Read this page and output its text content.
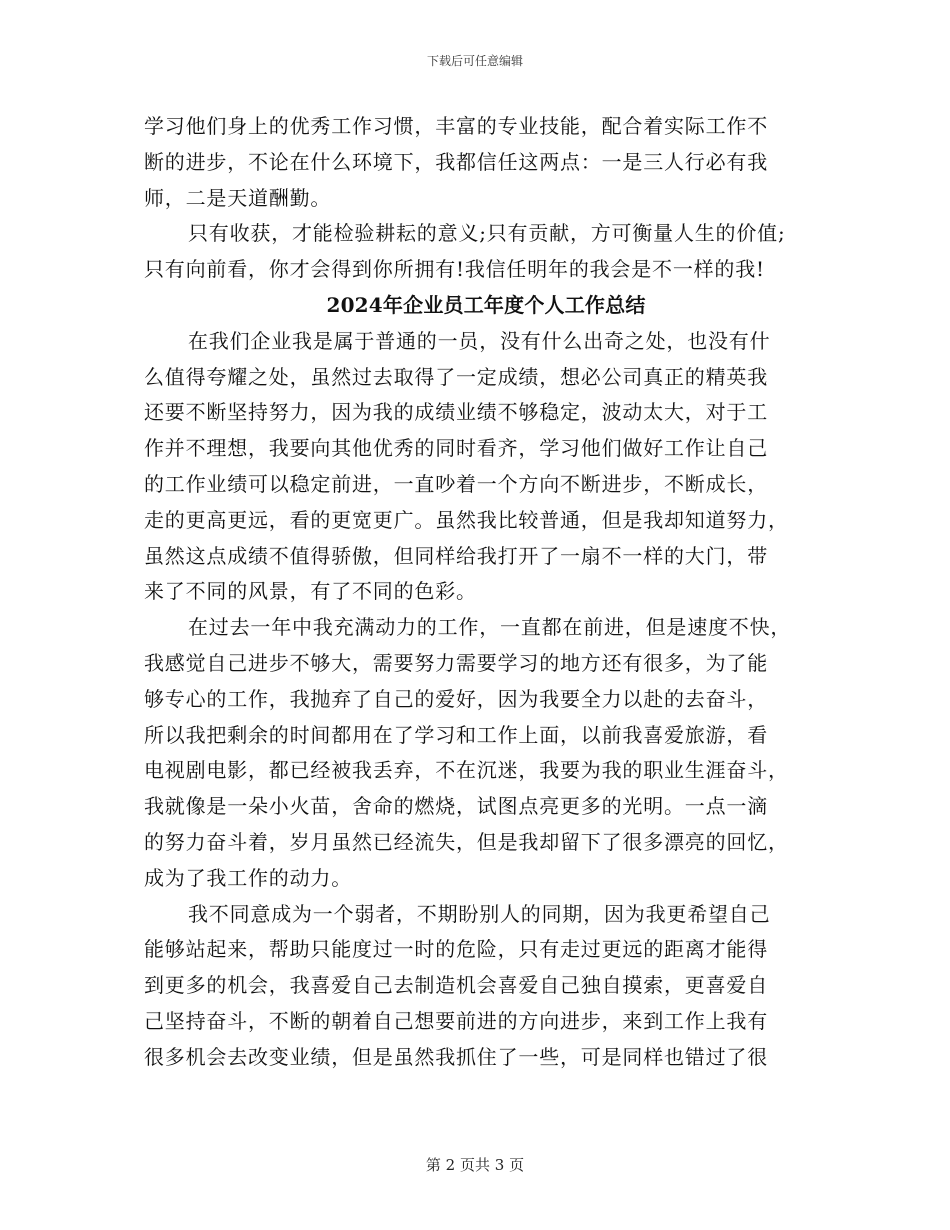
下载后可任意编辑
学习他们身上的优秀工作习惯，丰富的专业技能，配合着实际工作不
断的进步，不论在什么环境下，我都信任这两点：一是三人行必有我
师，二是天道酬勤。
只有收获，才能检验耕耘的意义;只有贡献，方可衡量人生的价值;
只有向前看，你才会得到你所拥有!我信任明年的我会是不一样的我!
2024年企业员工年度个人工作总结
在我们企业我是属于普通的一员，没有什么出奇之处，也没有什
么值得夸耀之处，虽然过去取得了一定成绩，想必公司真正的精英我
还要不断坚持努力，因为我的成绩业绩不够稳定，波动太大，对于工
作并不理想，我要向其他优秀的同时看齐，学习他们做好工作让自己
的工作业绩可以稳定前进，一直吵着一个方向不断进步，不断成长，
走的更高更远，看的更宽更广。虽然我比较普通，但是我却知道努力，
虽然这点成绩不值得骄傲，但同样给我打开了一扇不一样的大门，带
来了不同的风景，有了不同的色彩。
在过去一年中我充满动力的工作，一直都在前进，但是速度不快，
我感觉自己进步不够大，需要努力需要学习的地方还有很多，为了能
够专心的工作，我抛弃了自己的爱好，因为我要全力以赴的去奋斗，
所以我把剩余的时间都用在了学习和工作上面，以前我喜爱旅游，看
电视剧电影，都已经被我丢弃，不在沉迷，我要为我的职业生涯奋斗，
我就像是一朵小火苗，舍命的燃烧，试图点亮更多的光明。一点一滴
的努力奋斗着，岁月虽然已经流失，但是我却留下了很多漂亮的回忆，
成为了我工作的动力。
我不同意成为一个弱者，不期盼别人的同期，因为我更希望自己
能够站起来，帮助只能度过一时的危险，只有走过更远的距离才能得
到更多的机会，我喜爱自己去制造机会喜爱自己独自摸索，更喜爱自
己坚持奋斗，不断的朝着自己想要前进的方向进步，来到工作上我有
很多机会去改变业绩，但是虽然我抓住了一些，可是同样也错过了很
第 2 页共 3 页
